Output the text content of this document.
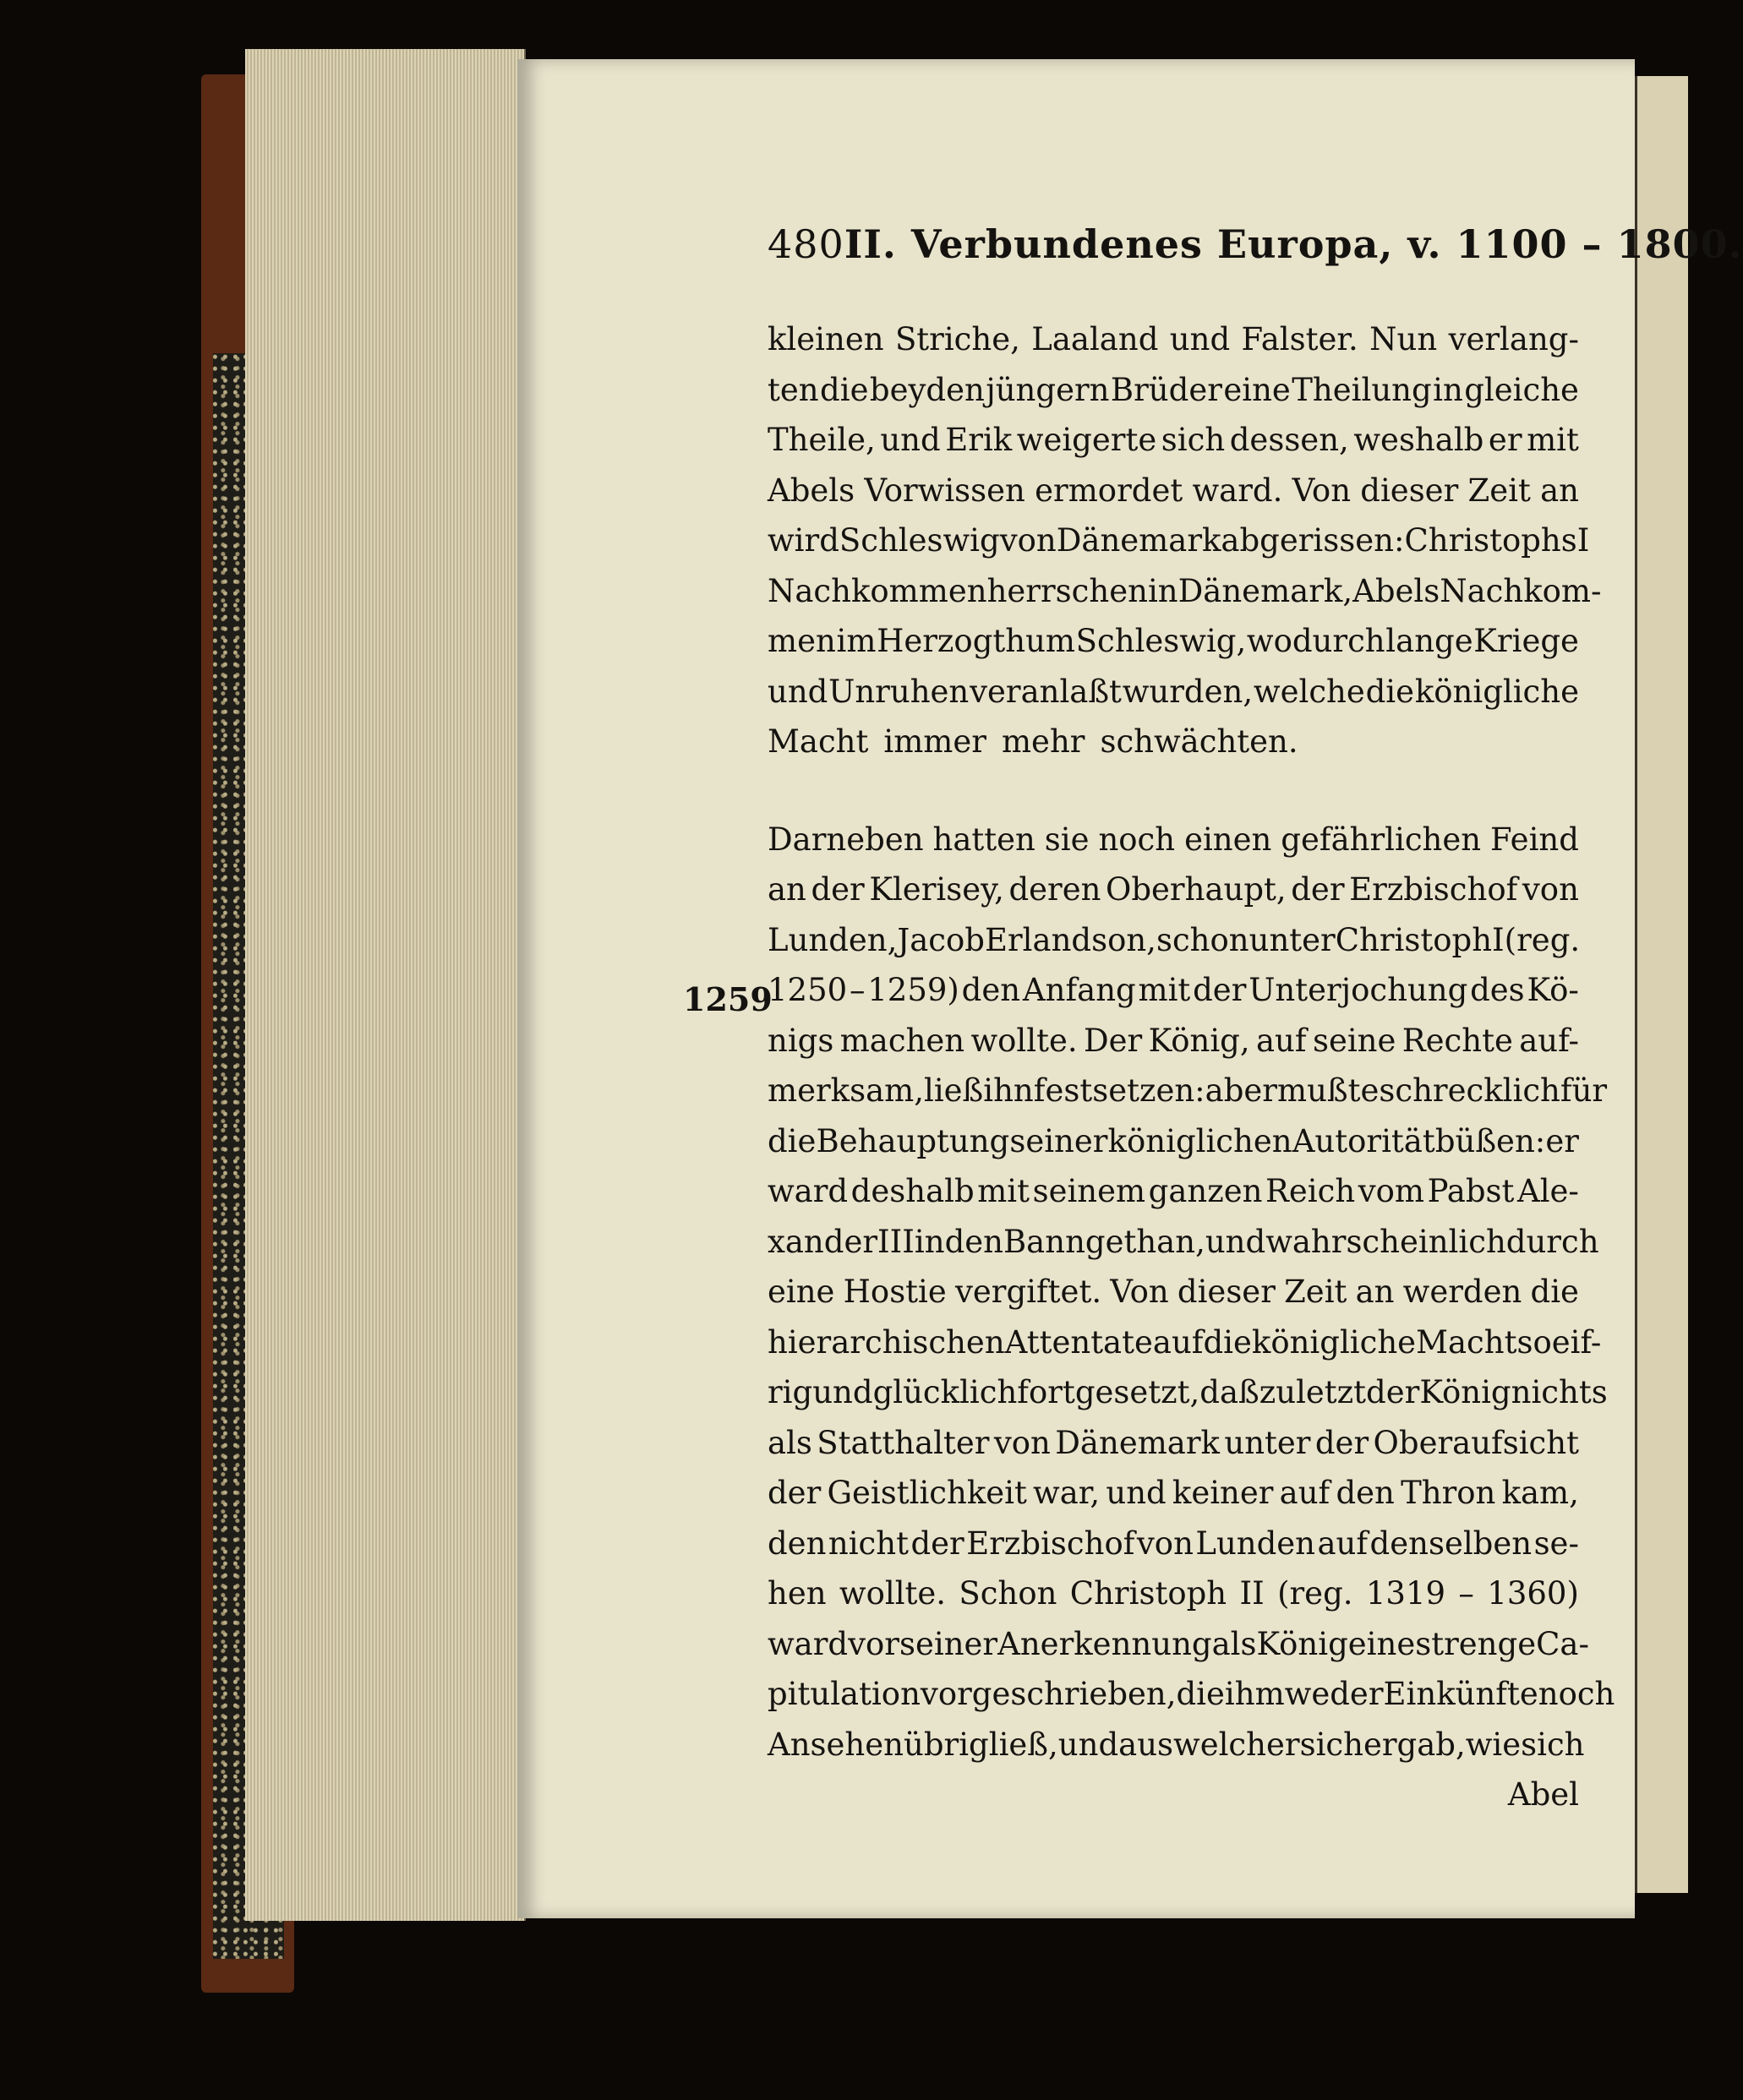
480 II. Verbundenes Europa, v. 1100 – 1800.
1259
kleinen Striche, Laaland und Falster. Nun verlang-
ten die beyden jüngern Brüder eine Theilung in gleiche
Theile, und Erik weigerte sich dessen, weshalb er mit
Abels Vorwissen ermordet ward. Von dieser Zeit an
wird Schleswig von Dänemark abgerissen: Christophs I
Nachkommen herrschen in Dänemark, Abels Nachkom-
men im Herzogthum Schleswig, wodurch lange Kriege
und Unruhen veranlaßt wurden, welche die königliche
Macht immer mehr schwächten.
Darneben hatten sie noch einen gefährlichen Feind
an der Klerisey, deren Oberhaupt, der Erzbischof von
Lunden, Jacob Erlandson, schon unter Christoph I (reg.
1250 – 1259) den Anfang mit der Unterjochung des Kö-
nigs machen wollte. Der König, auf seine Rechte auf-
merksam, ließ ihn festsetzen: aber mußte schrecklich für
die Behauptung seiner königlichen Autorität büßen: er
ward deshalb mit seinem ganzen Reich vom Pabst Ale-
xander III in den Bann gethan, und wahrscheinlich durch
eine Hostie vergiftet. Von dieser Zeit an werden die
hierarchischen Attentate auf die königliche Macht so eif-
rig und glücklich fortgesetzt, daß zuletzt der König nichts
als Statthalter von Dänemark unter der Oberaufsicht
der Geistlichkeit war, und keiner auf den Thron kam,
den nicht der Erzbischof von Lunden auf denselben se-
hen wollte. Schon Christoph II (reg. 1319 – 1360)
ward vor seiner Anerkennung als König eine strenge Ca-
pitulation vorgeschrieben, die ihm weder Einkünfte noch
Ansehen übrig ließ, und aus welcher sich ergab, wie sich
Abel
